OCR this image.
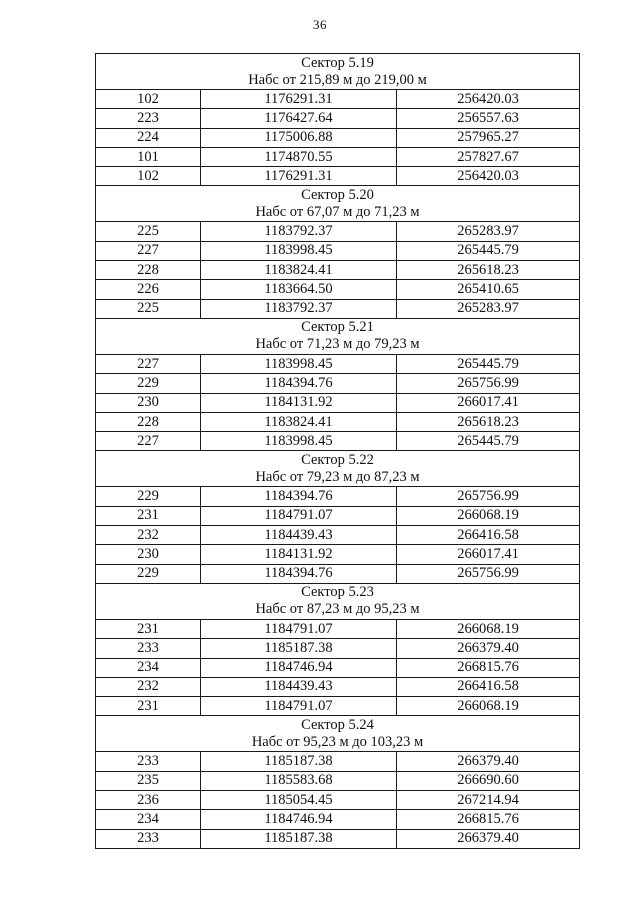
36
Сектор 5.19
Набс от 215,89 м до 219,00 м		

102	1176291.31	256420.03
223	1176427.64	256557.63
224	1175006.88	257965.27
101	1174870.55	257827.67
102	1176291.31	256420.03

Сектор 5.20
Набс от 67,07 м до 71,23 м		

225	1183792.37	265283.97
227	1183998.45	265445.79
228	1183824.41	265618.23
226	1183664.50	265410.65
225	1183792.37	265283.97

Сектор 5.21
Набс от 71,23 м до 79,23 м		

227	1183998.45	265445.79
229	1184394.76	265756.99
230	1184131.92	266017.41
228	1183824.41	265618.23
227	1183998.45	265445.79

Сектор 5.22
Набс от 79,23 м до 87,23 м		

229	1184394.76	265756.99
231	1184791.07	266068.19
232	1184439.43	266416.58
230	1184131.92	266017.41
229	1184394.76	265756.99

Сектор 5.23
Набс от 87,23 м до 95,23 м		

231	1184791.07	266068.19
233	1185187.38	266379.40
234	1184746.94	266815.76
232	1184439.43	266416.58
231	1184791.07	266068.19

Сектор 5.24
Набс от 95,23 м до 103,23 м		

233	1185187.38	266379.40
235	1185583.68	266690.60
236	1185054.45	267214.94
234	1184746.94	266815.76
233	1185187.38	266379.40
